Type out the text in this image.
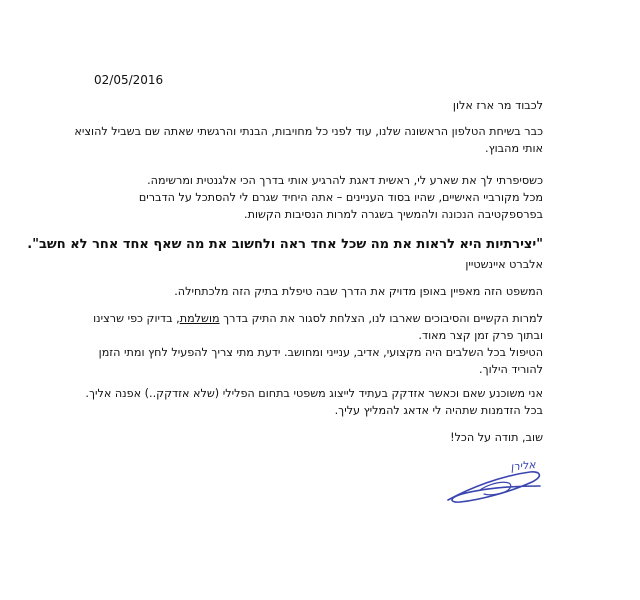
02/05/2016
לכבוד מר ארז אלון
כבר בשיחת הטלפון הראשונה שלנו, עוד לפני כל מחויבות, הבנתי והרגשתי שאתה שם בשביל להוציא
אותי מהבוץ.
כשסיפרתי לך את שארע לי, ראשית דאגת להרגיע אותי בדרך הכי אלגנטית ומרשימה.
מכל מקורביי האישיים, שהיו בסוד העניינים – אתה היחיד שגרם לי להסתכל על הדברים
בפרספקטיבה הנכונה ולהמשיך בשגרה למרות הנסיבות הקשות.
"יצירתיות היא לראות את מה שכל אחד ראה ולחשוב את מה שאף אחד אחר לא חשב".
אלברט איינשטיין
המשפט הזה מאפיין באופן מדויק את הדרך שבה טיפלת בתיק הזה מלכתחילה.
למרות הקשיים והסיבוכים שארבו לנו, הצלחת לסגור את התיק בדרך מושלמת, בדיוק כפי שרצינו
ובתוך פרק זמן קצר מאוד.
הטיפול בכל השלבים היה מקצועי, אדיב, ענייני ומחושב. ידעת מתי צריך להפעיל לחץ ומתי הזמן
להוריד הילוך.
אני משוכנע שאם וכאשר אזדקק בעתיד לייצוג משפטי בתחום הפלילי (שלא אזדקק..) אפנה אליך.
בכל הזדמנות שתהיה לי אדאג להמליץ עליך.
שוב, תודה על הכל!
אלירן
